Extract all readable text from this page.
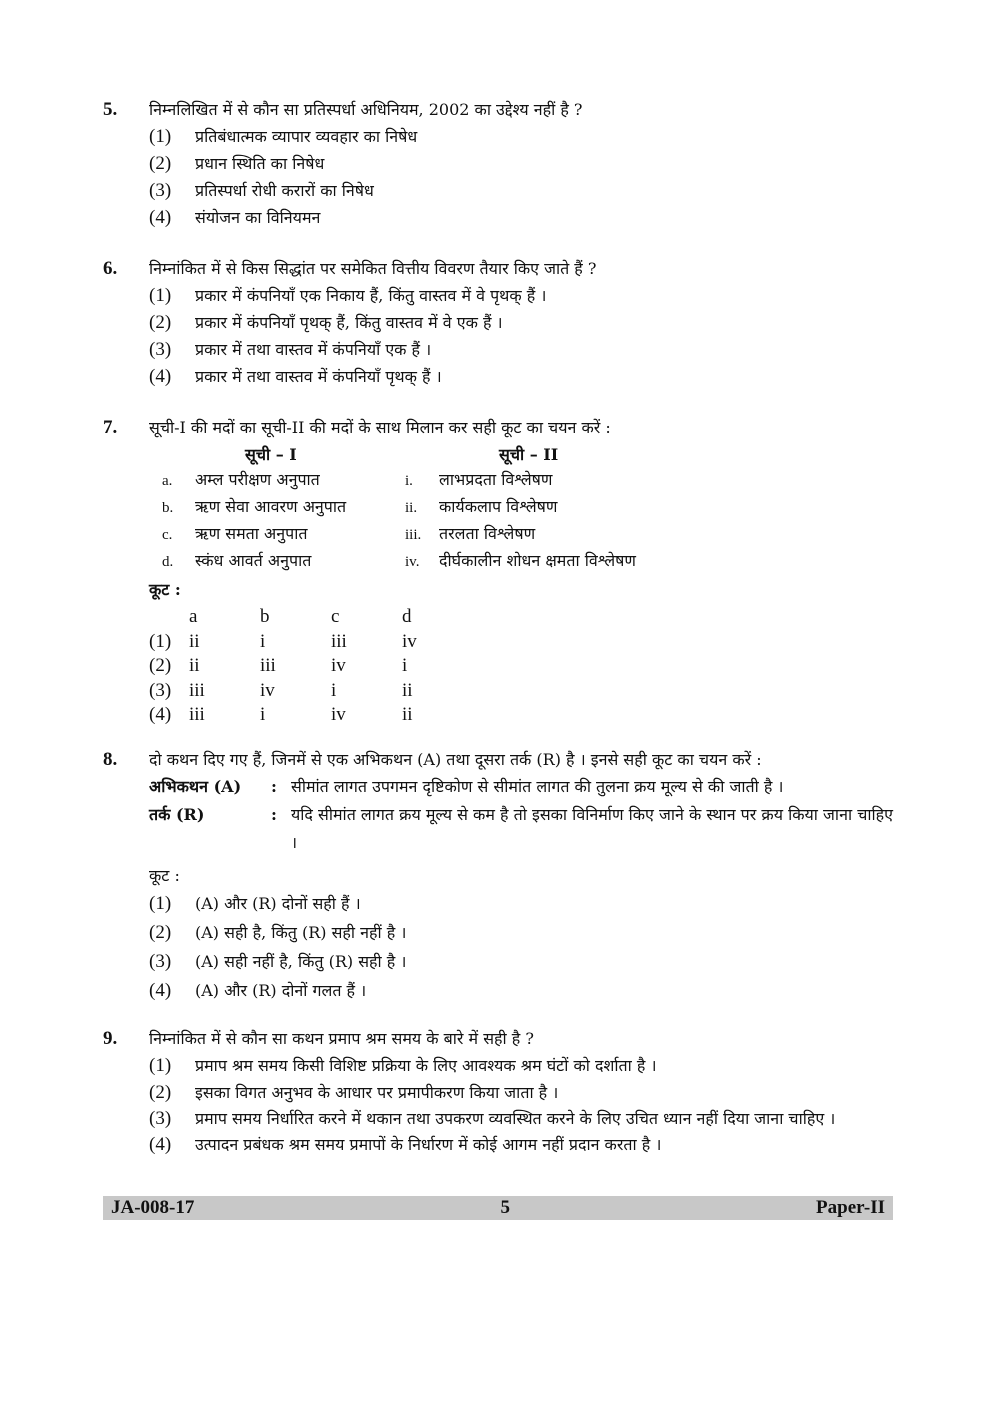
5.	निम्नलिखित में से कौन सा प्रतिस्पर्धा अधिनियम, 2002 का उद्देश्य नहीं है ?
(1)	प्रतिबंधात्मक व्यापार व्यवहार का निषेध
(2)	प्रधान स्थिति का निषेध
(3)	प्रतिस्पर्धा रोधी करारों का निषेध
(4)	संयोजन का विनियमन
6.	निम्नांकित में से किस सिद्धांत पर समेकित वित्तीय विवरण तैयार किए जाते हैं ?
(1)	प्रकार में कंपनियाँ एक निकाय हैं, किंतु वास्तव में वे पृथक् हैं ।
(2)	प्रकार में कंपनियाँ पृथक् हैं, किंतु वास्तव में वे एक हैं ।
(3)	प्रकार में तथा वास्तव में कंपनियाँ एक हैं ।
(4)	प्रकार में तथा वास्तव में कंपनियाँ पृथक् हैं ।
7.	सूची-I की मदों का सूची-II की मदों के साथ मिलान कर सही कूट का चयन करें :
सूची – I	सूची – II
a.	अम्ल परीक्षण अनुपात	i.	लाभप्रदता विश्लेषण
b.	ऋण सेवा आवरण अनुपात	ii.	कार्यकलाप विश्लेषण
c.	ऋण समता अनुपात	iii.	तरलता विश्लेषण
d.	स्कंध आवर्त अनुपात	iv.	दीर्घकालीन शोधन क्षमता विश्लेषण
कूट :
a	b	c	d
(1) ii	i	iii	iv
(2) ii	iii	iv	i
(3) iii	iv	i	ii
(4) iii	i	iv	ii
8.	दो कथन दिए गए हैं, जिनमें से एक अभिकथन (A) तथा दूसरा तर्क (R) है । इनसे सही कूट का चयन करें :
अभिकथन (A)	: सीमांत लागत उपगमन दृष्टिकोण से सीमांत लागत की तुलना क्रय मूल्य से की जाती है ।
तर्क (R)	: यदि सीमांत लागत क्रय मूल्य से कम है तो इसका विनिर्माण किए जाने के स्थान पर क्रय किया जाना चाहिए ।
कूट :
(1)	(A) और (R) दोनों सही हैं ।
(2)	(A) सही है, किंतु (R) सही नहीं है ।
(3)	(A) सही नहीं है, किंतु (R) सही है ।
(4)	(A) और (R) दोनों गलत हैं ।
9.	निम्नांकित में से कौन सा कथन प्रमाप श्रम समय के बारे में सही है ?
(1)	प्रमाप श्रम समय किसी विशिष्ट प्रक्रिया के लिए आवश्यक श्रम घंटों को दर्शाता है ।
(2)	इसका विगत अनुभव के आधार पर प्रमापीकरण किया जाता है ।
(3)	प्रमाप समय निर्धारित करने में थकान तथा उपकरण व्यवस्थित करने के लिए उचित ध्यान नहीं दिया जाना चाहिए ।
(4)	उत्पादन प्रबंधक श्रम समय प्रमापों के निर्धारण में कोई आगम नहीं प्रदान करता है ।
JA-008-17	5	Paper-II
